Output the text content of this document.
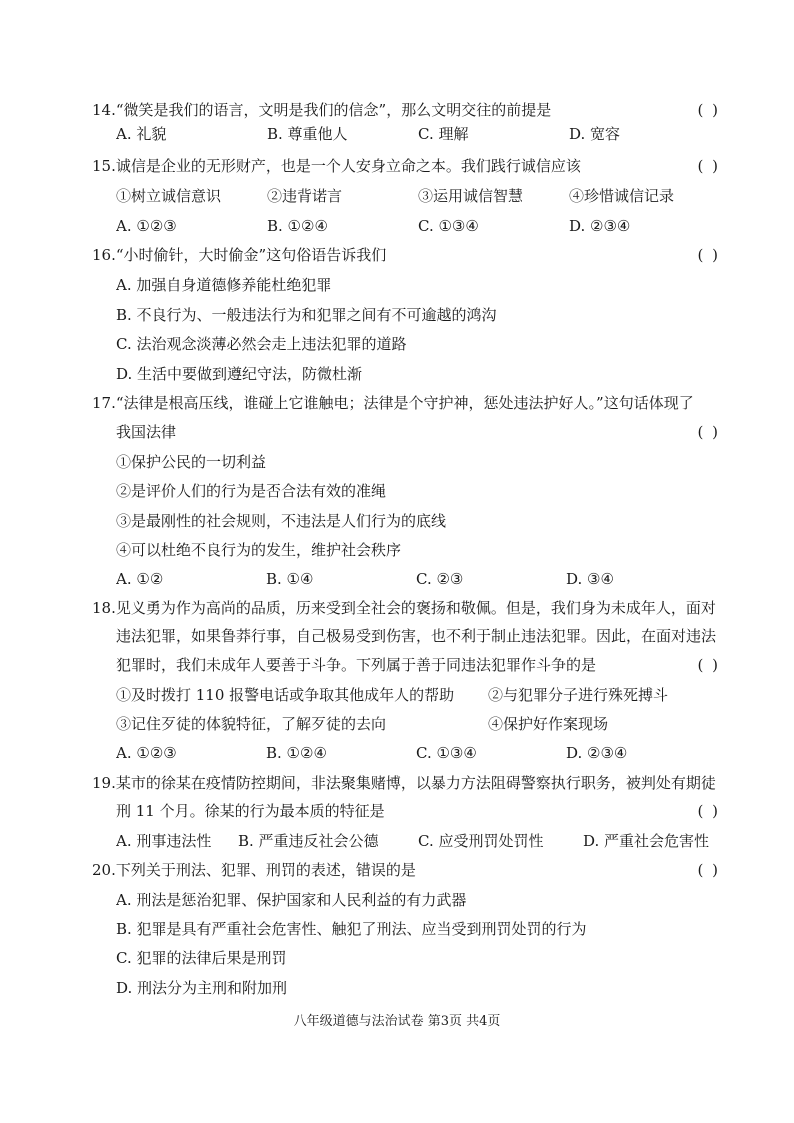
14.“微笑是我们的语言，文明是我们的信念”，那么文明交往的前提是	( )
A. 礼貌	B. 尊重他人	C. 理解	D. 宽容
15.诚信是企业的无形财产，也是一个人安身立命之本。我们践行诚信应该	( )
①树立诚信意识	②违背诺言	③运用诚信智慧	④珍惜诚信记录
A. ①②③	B. ①②④	C. ①③④	D. ②③④
16.“小时偷针，大时偷金”这句俗语告诉我们	( )
A. 加强自身道德修养能杜绝犯罪
B. 不良行为、一般违法行为和犯罪之间有不可逾越的鸿沟
C. 法治观念淡薄必然会走上违法犯罪的道路
D. 生活中要做到遵纪守法，防微杜渐
17.“法律是根高压线，谁碰上它谁触电；法律是个守护神，惩处违法护好人。”这句话体现了
我国法律	( )
①保护公民的一切利益
②是评价人们的行为是否合法有效的准绳
③是最刚性的社会规则，不违法是人们行为的底线
④可以杜绝不良行为的发生，维护社会秩序
A. ①②	B. ①④	C. ②③	D. ③④
18.见义勇为作为高尚的品质，历来受到全社会的褒扬和敬佩。但是，我们身为未成年人，面对
违法犯罪，如果鲁莽行事，自己极易受到伤害，也不利于制止违法犯罪。因此，在面对违法
犯罪时，我们未成年人要善于斗争。下列属于善于同违法犯罪作斗争的是	( )
①及时拨打 110 报警电话或争取其他成年人的帮助	②与犯罪分子进行殊死搏斗
③记住歹徒的体貌特征，了解歹徒的去向	④保护好作案现场
A. ①②③	B. ①②④	C. ①③④	D. ②③④
19.某市的徐某在疫情防控期间，非法聚集赌博，以暴力方法阻碍警察执行职务，被判处有期徒
刑 11 个月。徐某的行为最本质的特征是	( )
A. 刑事违法性	B. 严重违反社会公德	C. 应受刑罚处罚性	D. 严重社会危害性
20.下列关于刑法、犯罪、刑罚的表述，错误的是	( )
A. 刑法是惩治犯罪、保护国家和人民利益的有力武器
B. 犯罪是具有严重社会危害性、触犯了刑法、应当受到刑罚处罚的行为
C. 犯罪的法律后果是刑罚
D. 刑法分为主刑和附加刑
八年级道德与法治试卷 第3页 共4页
